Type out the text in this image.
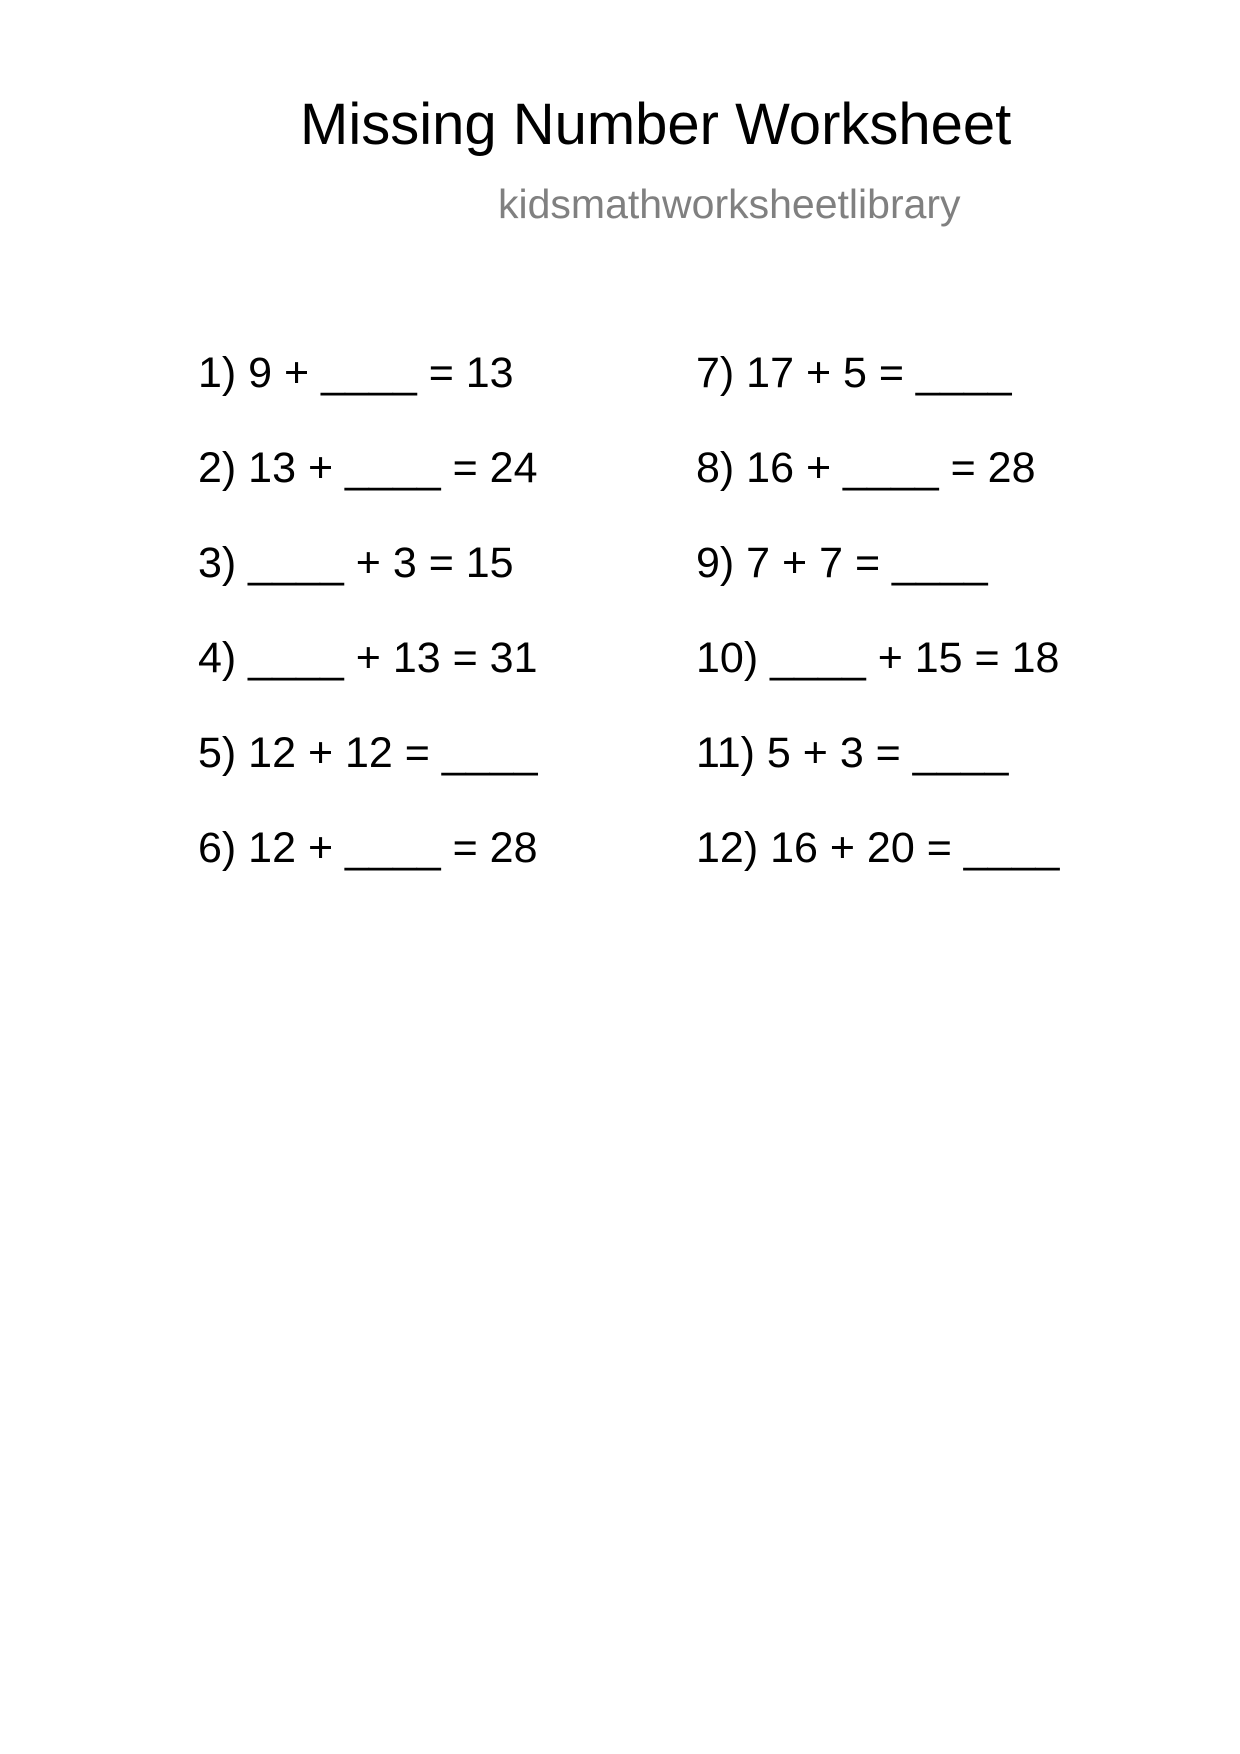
Missing Number Worksheet
kidsmathworksheetlibrary
1) 9 + ____ = 13
2) 13 + ____ = 24
3) ____ + 3 = 15
4) ____ + 13 = 31
5) 12 + 12 = ____
6) 12 + ____ = 28
7) 17 + 5 = ____
8) 16 + ____ = 28
9) 7 + 7 = ____
10) ____ + 15 = 18
11) 5 + 3 = ____
12) 16 + 20 = ____
